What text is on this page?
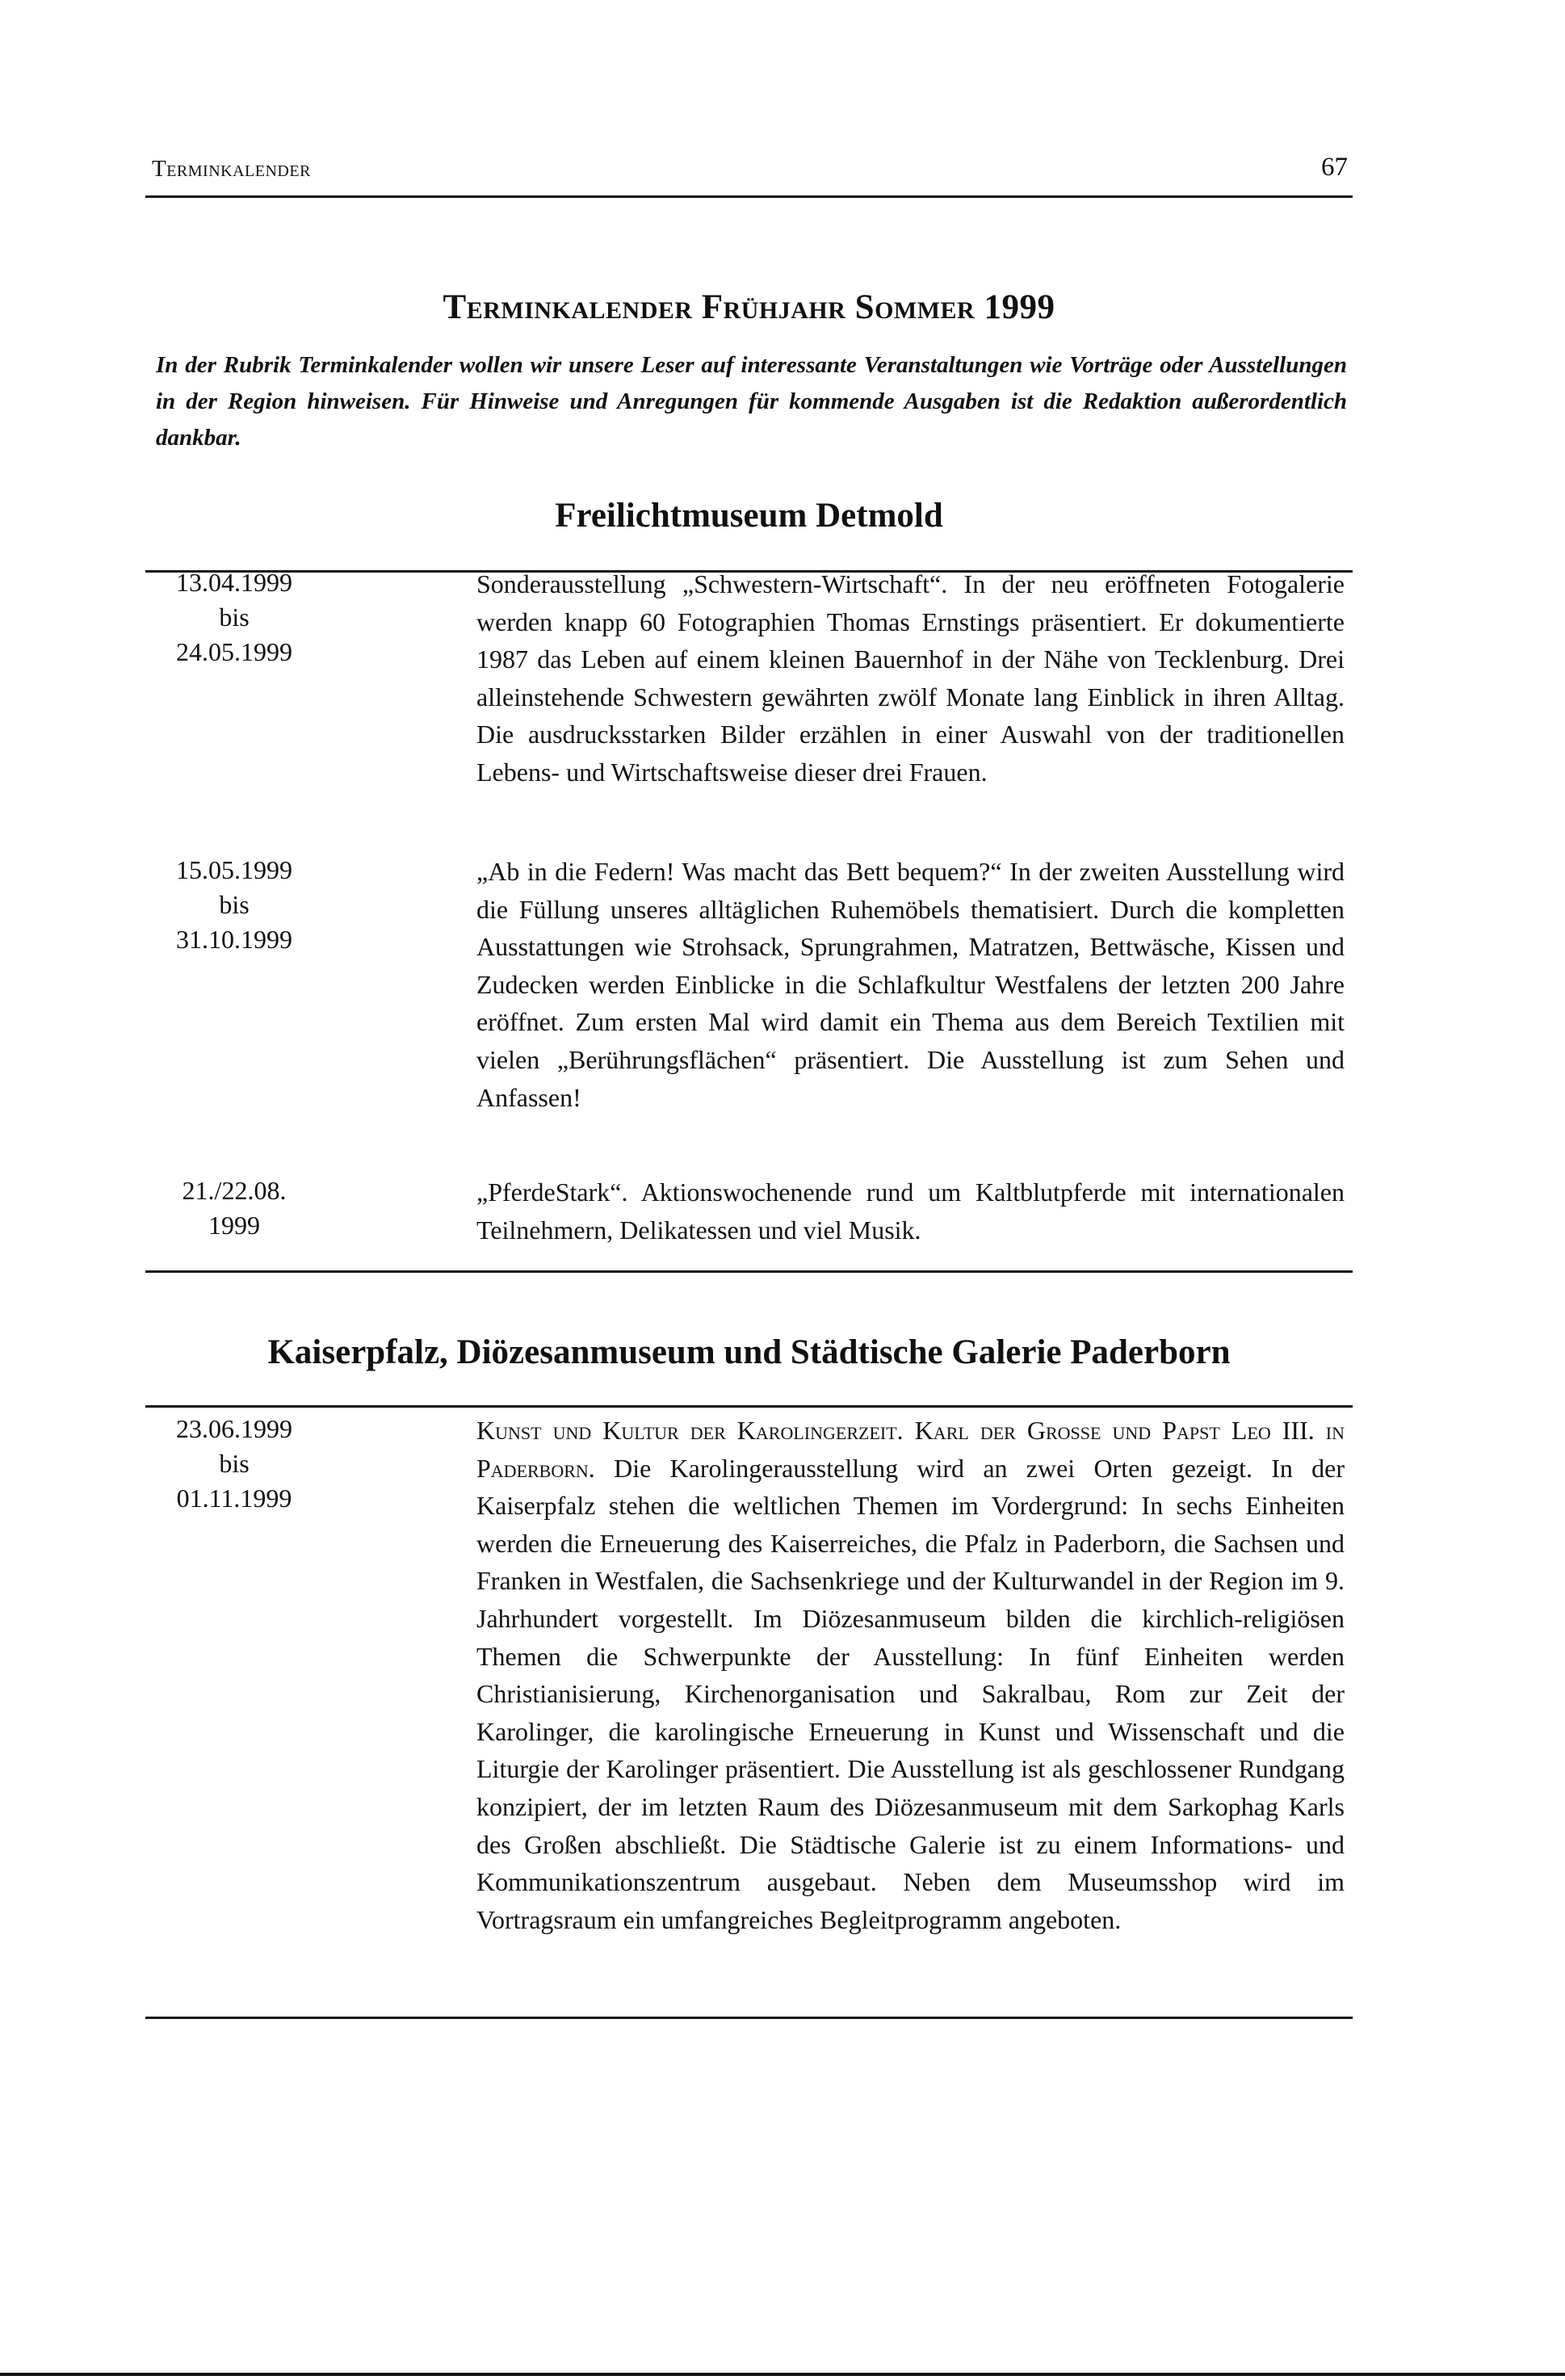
Terminkalender	67
Terminkalender Frühjahr Sommer 1999
In der Rubrik Terminkalender wollen wir unsere Leser auf interessante Veranstaltungen wie Vorträge oder Ausstellungen in der Region hinweisen. Für Hinweise und Anregungen für kommende Ausgaben ist die Redaktion außerordentlich dankbar.
Freilichtmuseum Detmold
13.04.1999
bis
24.05.1999
Sonderausstellung „Schwestern-Wirtschaft“. In der neu eröffneten Fotogalerie werden knapp 60 Fotographien Thomas Ernstings präsentiert. Er dokumentierte 1987 das Leben auf einem kleinen Bauernhof in der Nähe von Tecklenburg. Drei alleinstehende Schwestern gewährten zwölf Monate lang Einblick in ihren Alltag. Die ausdrucksstarken Bilder erzählen in einer Auswahl von der traditionellen Lebens- und Wirtschaftsweise dieser drei Frauen.
15.05.1999
bis
31.10.1999
„Ab in die Federn! Was macht das Bett bequem?“ In der zweiten Ausstellung wird die Füllung unseres alltäglichen Ruhemöbels thematisiert. Durch die kompletten Ausstattungen wie Strohsack, Sprungrahmen, Matratzen, Bettwäsche, Kissen und Zudecken werden Einblicke in die Schlafkultur Westfalens der letzten 200 Jahre eröffnet. Zum ersten Mal wird damit ein Thema aus dem Bereich Textilien mit vielen „Berührungsflächen“ präsentiert. Die Ausstellung ist zum Sehen und Anfassen!
21./22.08.
1999
„PferdeStark“. Aktionswochenende rund um Kaltblutpferde mit internationalen Teilnehmern, Delikatessen und viel Musik.
Kaiserpfalz, Diözesanmuseum und Städtische Galerie Paderborn
23.06.1999
bis
01.11.1999
Kunst und Kultur der Karolingerzeit. Karl der Große und Papst Leo III. in Paderborn. Die Karolingerausstellung wird an zwei Orten gezeigt. In der Kaiserpfalz stehen die weltlichen Themen im Vordergrund: In sechs Einheiten werden die Erneuerung des Kaiserreiches, die Pfalz in Paderborn, die Sachsen und Franken in Westfalen, die Sachsenkriege und der Kulturwandel in der Region im 9. Jahrhundert vorgestellt. Im Diözesanmuseum bilden die kirchlich-religiösen Themen die Schwerpunkte der Ausstellung: In fünf Einheiten werden Christianisierung, Kirchenorganisation und Sakralbau, Rom zur Zeit der Karolinger, die karolingische Erneuerung in Kunst und Wissenschaft und die Liturgie der Karolinger präsentiert. Die Ausstellung ist als geschlossener Rundgang konzipiert, der im letzten Raum des Diözesanmuseum mit dem Sarkophag Karls des Großen abschließt. Die Städtische Galerie ist zu einem Informations- und Kommunikationszentrum ausgebaut. Neben dem Museumsshop wird im Vortragsraum ein umfangreiches Begleitprogramm angeboten.
